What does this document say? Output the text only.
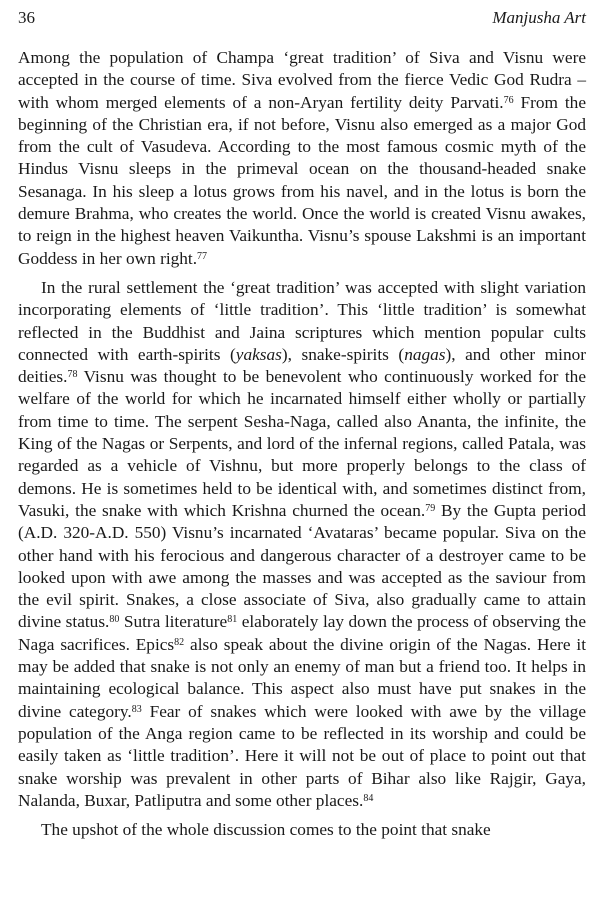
36	Manjusha Art

Among the population of Champa ‘great tradition’ of Siva and Visnu were accepted in the course of time. Siva evolved from the fierce Vedic God Rudra – with whom merged elements of a non-Aryan fertility deity Parvati.$^{76}$ From the beginning of the Christian era, if not before, Visnu also emerged as a major God from the cult of Vasudeva. According to the most famous cosmic myth of the Hindus Visnu sleeps in the primeval ocean on the thousand-headed snake Sesanaga. In his sleep a lotus grows from his navel, and in the lotus is born the demure Brahma, who creates the world. Once the world is created Visnu awakes, to reign in the highest heaven Vaikuntha. Visnu’s spouse Lakshmi is an important Goddess in her own right.$^{77}$

In the rural settlement the ‘great tradition’ was accepted with slight variation incorporating elements of ‘little tradition’. This ‘little tradition’ is somewhat reflected in the Buddhist and Jaina scriptures which mention popular cults connected with earth-spirits (yaksas), snake-spirits (nagas), and other minor deities.$^{78}$ Visnu was thought to be benevolent who continuously worked for the welfare of the world for which he incarnated himself either wholly or partially from time to time. The serpent Sesha-Naga, called also Ananta, the infinite, the King of the Nagas or Serpents, and lord of the infernal regions, called Patala, was regarded as a vehicle of Vishnu, but more properly belongs to the class of demons. He is sometimes held to be identical with, and sometimes distinct from, Vasuki, the snake with which Krishna churned the ocean.$^{79}$ By the Gupta period (A.D. 320-A.D. 550) Visnu’s incarnated ‘Avataras’ became popular. Siva on the other hand with his ferocious and dangerous character of a destroyer came to be looked upon with awe among the masses and was accepted as the saviour from the evil spirit. Snakes, a close associate of Siva, also gradually came to attain divine status.$^{80}$ Sutra literature$^{81}$ elaborately lay down the process of observing the Naga sacrifices. Epics$^{82}$ also speak about the divine origin of the Nagas. Here it may be added that snake is not only an enemy of man but a friend too. It helps in maintaining ecological balance. This aspect also must have put snakes in the divine category.$^{83}$ Fear of snakes which were looked with awe by the village population of the Anga region came to be reflected in its worship and could be easily taken as ‘little tradition’. Here it will not be out of place to point out that snake worship was prevalent in other parts of Bihar also like Rajgir, Gaya, Nalanda, Buxar, Patliputra and some other places.$^{84}$

The upshot of the whole discussion comes to the point that snake
